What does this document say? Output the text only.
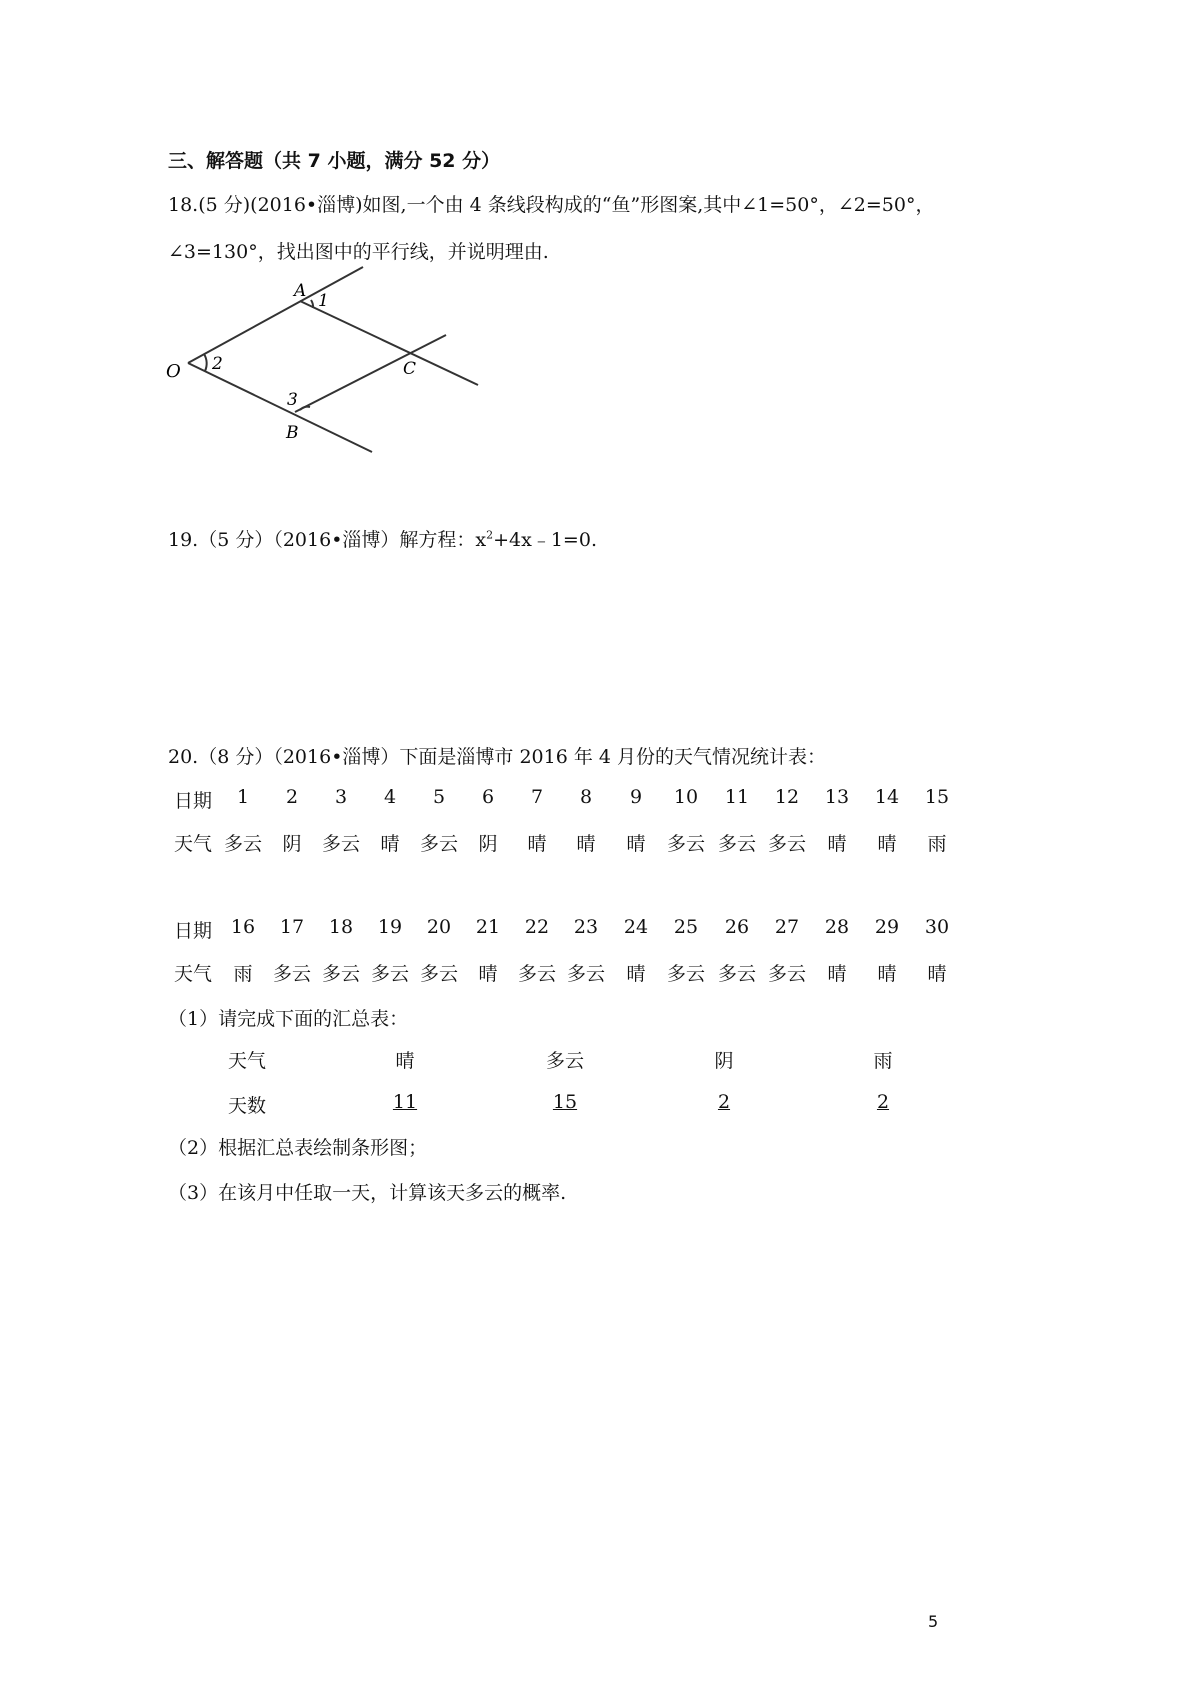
三、解答题（共 7 小题，满分 52 分）
18.(5 分)(2016•淄博)如图,一个由 4 条线段构成的“鱼”形图案,其中∠1=50°，∠2=50°，
∠3=130°，找出图中的平行线，并说明理由.
A 1
O 2	C
3
B
19.（5 分）（2016•淄博）解方程：$x^2+4x﹣1=0$.
20.（8 分）（2016•淄博）下面是淄博市 2016 年 4 月份的天气情况统计表：
日期 1 2 3 4 5 6 7 8 9 10 11 12 13 14 15
天气 多云 阴 多云 晴 多云 阴 晴 晴 晴 多云 多云 多云 晴 晴 雨
日期 16 17 18 19 20 21 22 23 24 25 26 27 28 29 30
天气 雨 多云 多云 多云 多云 晴 多云 多云 晴 多云 多云 多云 晴 晴 晴
（1）请完成下面的汇总表：
天气
天数
晴
11
多云
15
阴
2
雨
2
（2）根据汇总表绘制条形图；
（3）在该月中任取一天，计算该天多云的概率.
5
